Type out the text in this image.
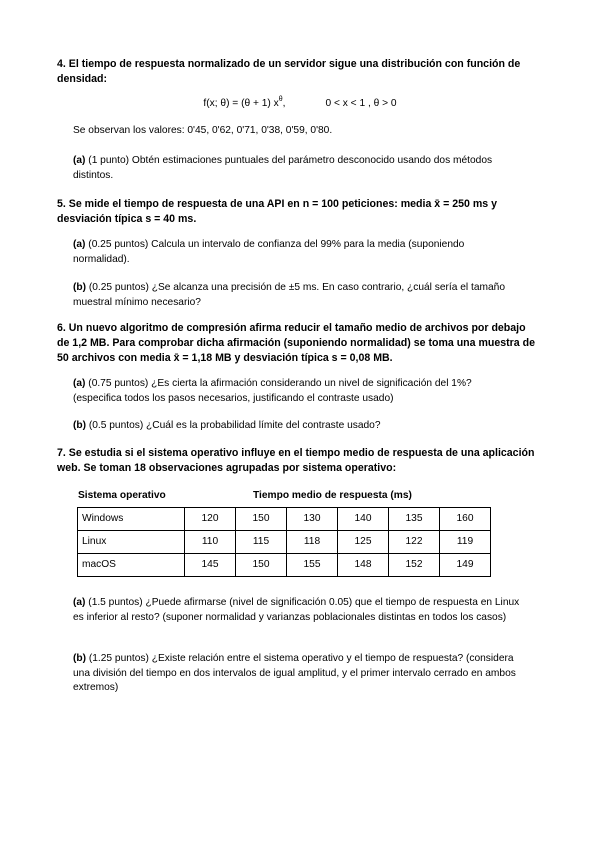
4. El tiempo de respuesta normalizado de un servidor sigue una distribución con función de densidad:
f(x; θ) = (θ + 1) $x^\theta$,	0 < x < 1 , θ > 0
Se observan los valores: 0'45, 0'62, 0'71, 0'38, 0'59, 0'80.
(a) (1 punto) Obtén estimaciones puntuales del parámetro desconocido usando dos métodos distintos.
5. Se mide el tiempo de respuesta de una API en n = 100 peticiones: media x̄ = 250 ms y desviación típica s = 40 ms.
(a) (0.25 puntos) Calcula un intervalo de confianza del 99% para la media (suponiendo normalidad).
(b) (0.25 puntos) ¿Se alcanza una precisión de ±5 ms. En caso contrario, ¿cuál sería el tamaño muestral mínimo necesario?
6. Un nuevo algoritmo de compresión afirma reducir el tamaño medio de archivos por debajo de 1,2 MB. Para comprobar dicha afirmación (suponiendo normalidad) se toma una muestra de 50 archivos con media x̄ = 1,18 MB y desviación típica s = 0,08 MB.
(a) (0.75 puntos) ¿Es cierta la afirmación considerando un nivel de significación del 1%? (especifica todos los pasos necesarios, justificando el contraste usado)
(b) (0.5 puntos) ¿Cuál es la probabilidad límite del contraste usado?
7. Se estudia si el sistema operativo influye en el tiempo medio de respuesta de una aplicación web. Se toman 18 observaciones agrupadas por sistema operativo:
Sistema operativo	Tiempo medio de respuesta (ms)
Windows	120	150	130	140	135	160
Linux	110	115	118	125	122	119
macOS	145	150	155	148	152	149
(a) (1.5 puntos) ¿Puede afirmarse (nivel de significación 0.05) que el tiempo de respuesta en Linux es inferior al resto? (suponer normalidad y varianzas poblacionales distintas en todos los casos)
(b) (1.25 puntos) ¿Existe relación entre el sistema operativo y el tiempo de respuesta? (considera una división del tiempo en dos intervalos de igual amplitud, y el primer intervalo cerrado en ambos extremos)
